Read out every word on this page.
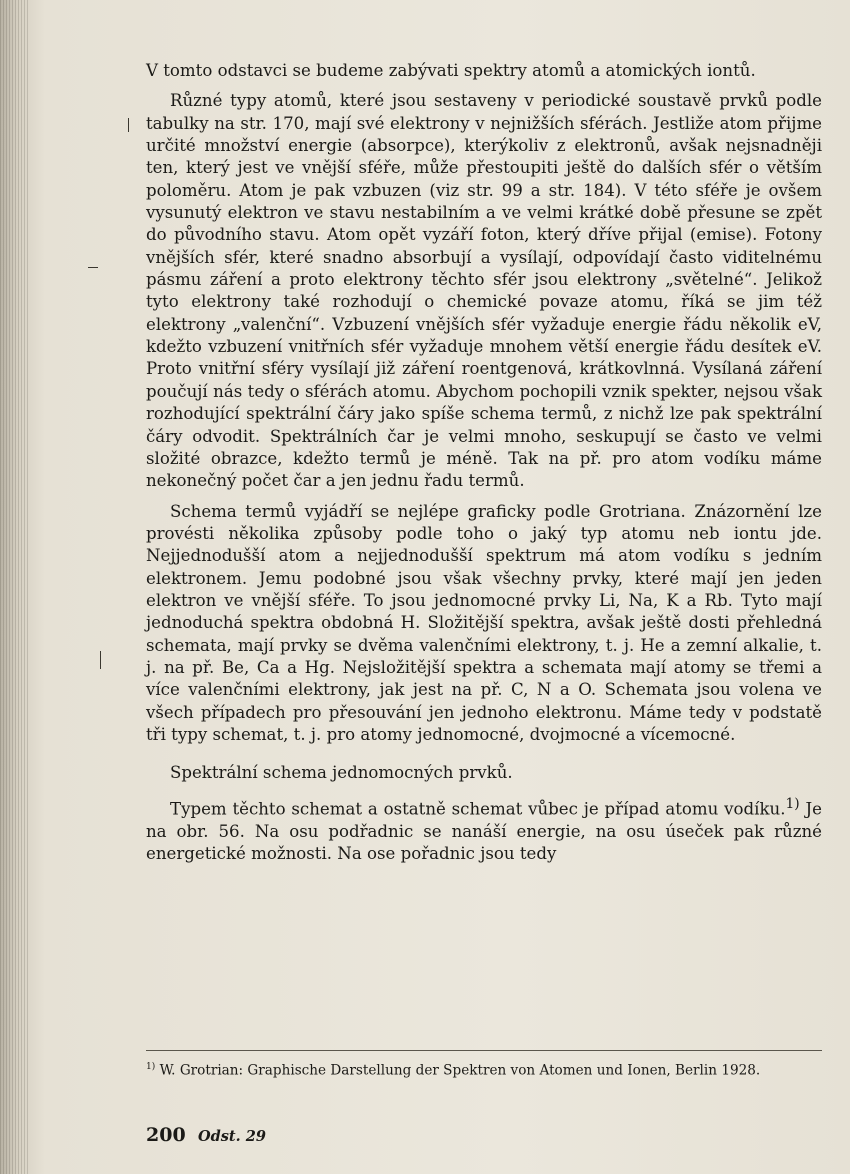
V tomto odstavci se budeme zabývati spektry atomů a atomických iontů.

Různé typy atomů, které jsou sestaveny v periodické soustavě prvků podle tabulky na str. 170, mají své elektrony v nejnižších sférách. Jestliže atom přijme určité množství energie (absorpce), kterýkoliv z elektronů, avšak nejsnadněji ten, který jest ve vnější sféře, může přestoupiti ještě do dalších sfér o větším poloměru. Atom je pak vzbuzen (viz str. 99 a str. 184). V této sféře je ovšem vysunutý elektron ve stavu nestabilním a ve velmi krátké době přesune se zpět do původního stavu. Atom opět vyzáří foton, který dříve přijal (emise). Fotony vnějších sfér, které snadno absorbují a vysílají, odpovídají často viditelnému pásmu záření a proto elektrony těchto sfér jsou elektrony „světelné“. Jelikož tyto elektrony také rozhodují o chemické povaze atomu, říká se jim též elektrony „valenční“. Vzbuzení vnějších sfér vyžaduje energie řádu několik eV, kdežto vzbuzení vnitřních sfér vyžaduje mnohem větší energie řádu desítek eV. Proto vnitřní sféry vysílají již záření roentgenová, krátkovlnná. Vysílaná záření poučují nás tedy o sférách atomu. Abychom pochopili vznik spekter, nejsou však rozhodující spektrální čáry jako spíše schema termů, z nichž lze pak spektrální čáry odvodit. Spektrálních čar je velmi mnoho, seskupují se často ve velmi složité obrazce, kdežto termů je méně. Tak na př. pro atom vodíku máme nekonečný počet čar a jen jednu řadu termů.

Schema termů vyjádří se nejlépe graficky podle Grotriana. Znázornění lze provésti několika způsoby podle toho o jaký typ atomu neb iontu jde. Nejjednodušší atom a nejjednodušší spektrum má atom vodíku s jedním elektronem. Jemu podobné jsou však všechny prvky, které mají jen jeden elektron ve vnější sféře. To jsou jednomocné prvky Li, Na, K a Rb. Tyto mají jednoduchá spektra obdobná H. Složitější spektra, avšak ještě dosti přehledná schemata, mají prvky se dvěma valenčními elektrony, t. j. He a zemní alkalie, t. j. na př. Be, Ca a Hg. Nejsložitější spektra a schemata mají atomy se třemi a více valenčními elektrony, jak jest na př. C, N a O. Schemata jsou volena ve všech případech pro přesouvání jen jednoho elektronu. Máme tedy v podstatě tři typy schemat, t. j. pro atomy jednomocné, dvojmocné a vícemocné.

Spektrální schema jednomocných prvků.

Typem těchto schemat a ostatně schemat vůbec je případ atomu vodíku.$^{1)}$ Je na obr. 56. Na osu podřadnic se nanáší energie, na osu úseček pak různé energetické možnosti. Na ose pořadnic jsou tedy

$^{1)}$ W. Grotrian: Graphische Darstellung der Spektren von Atomen und Ionen, Berlin 1928.
200 Odst. 29
